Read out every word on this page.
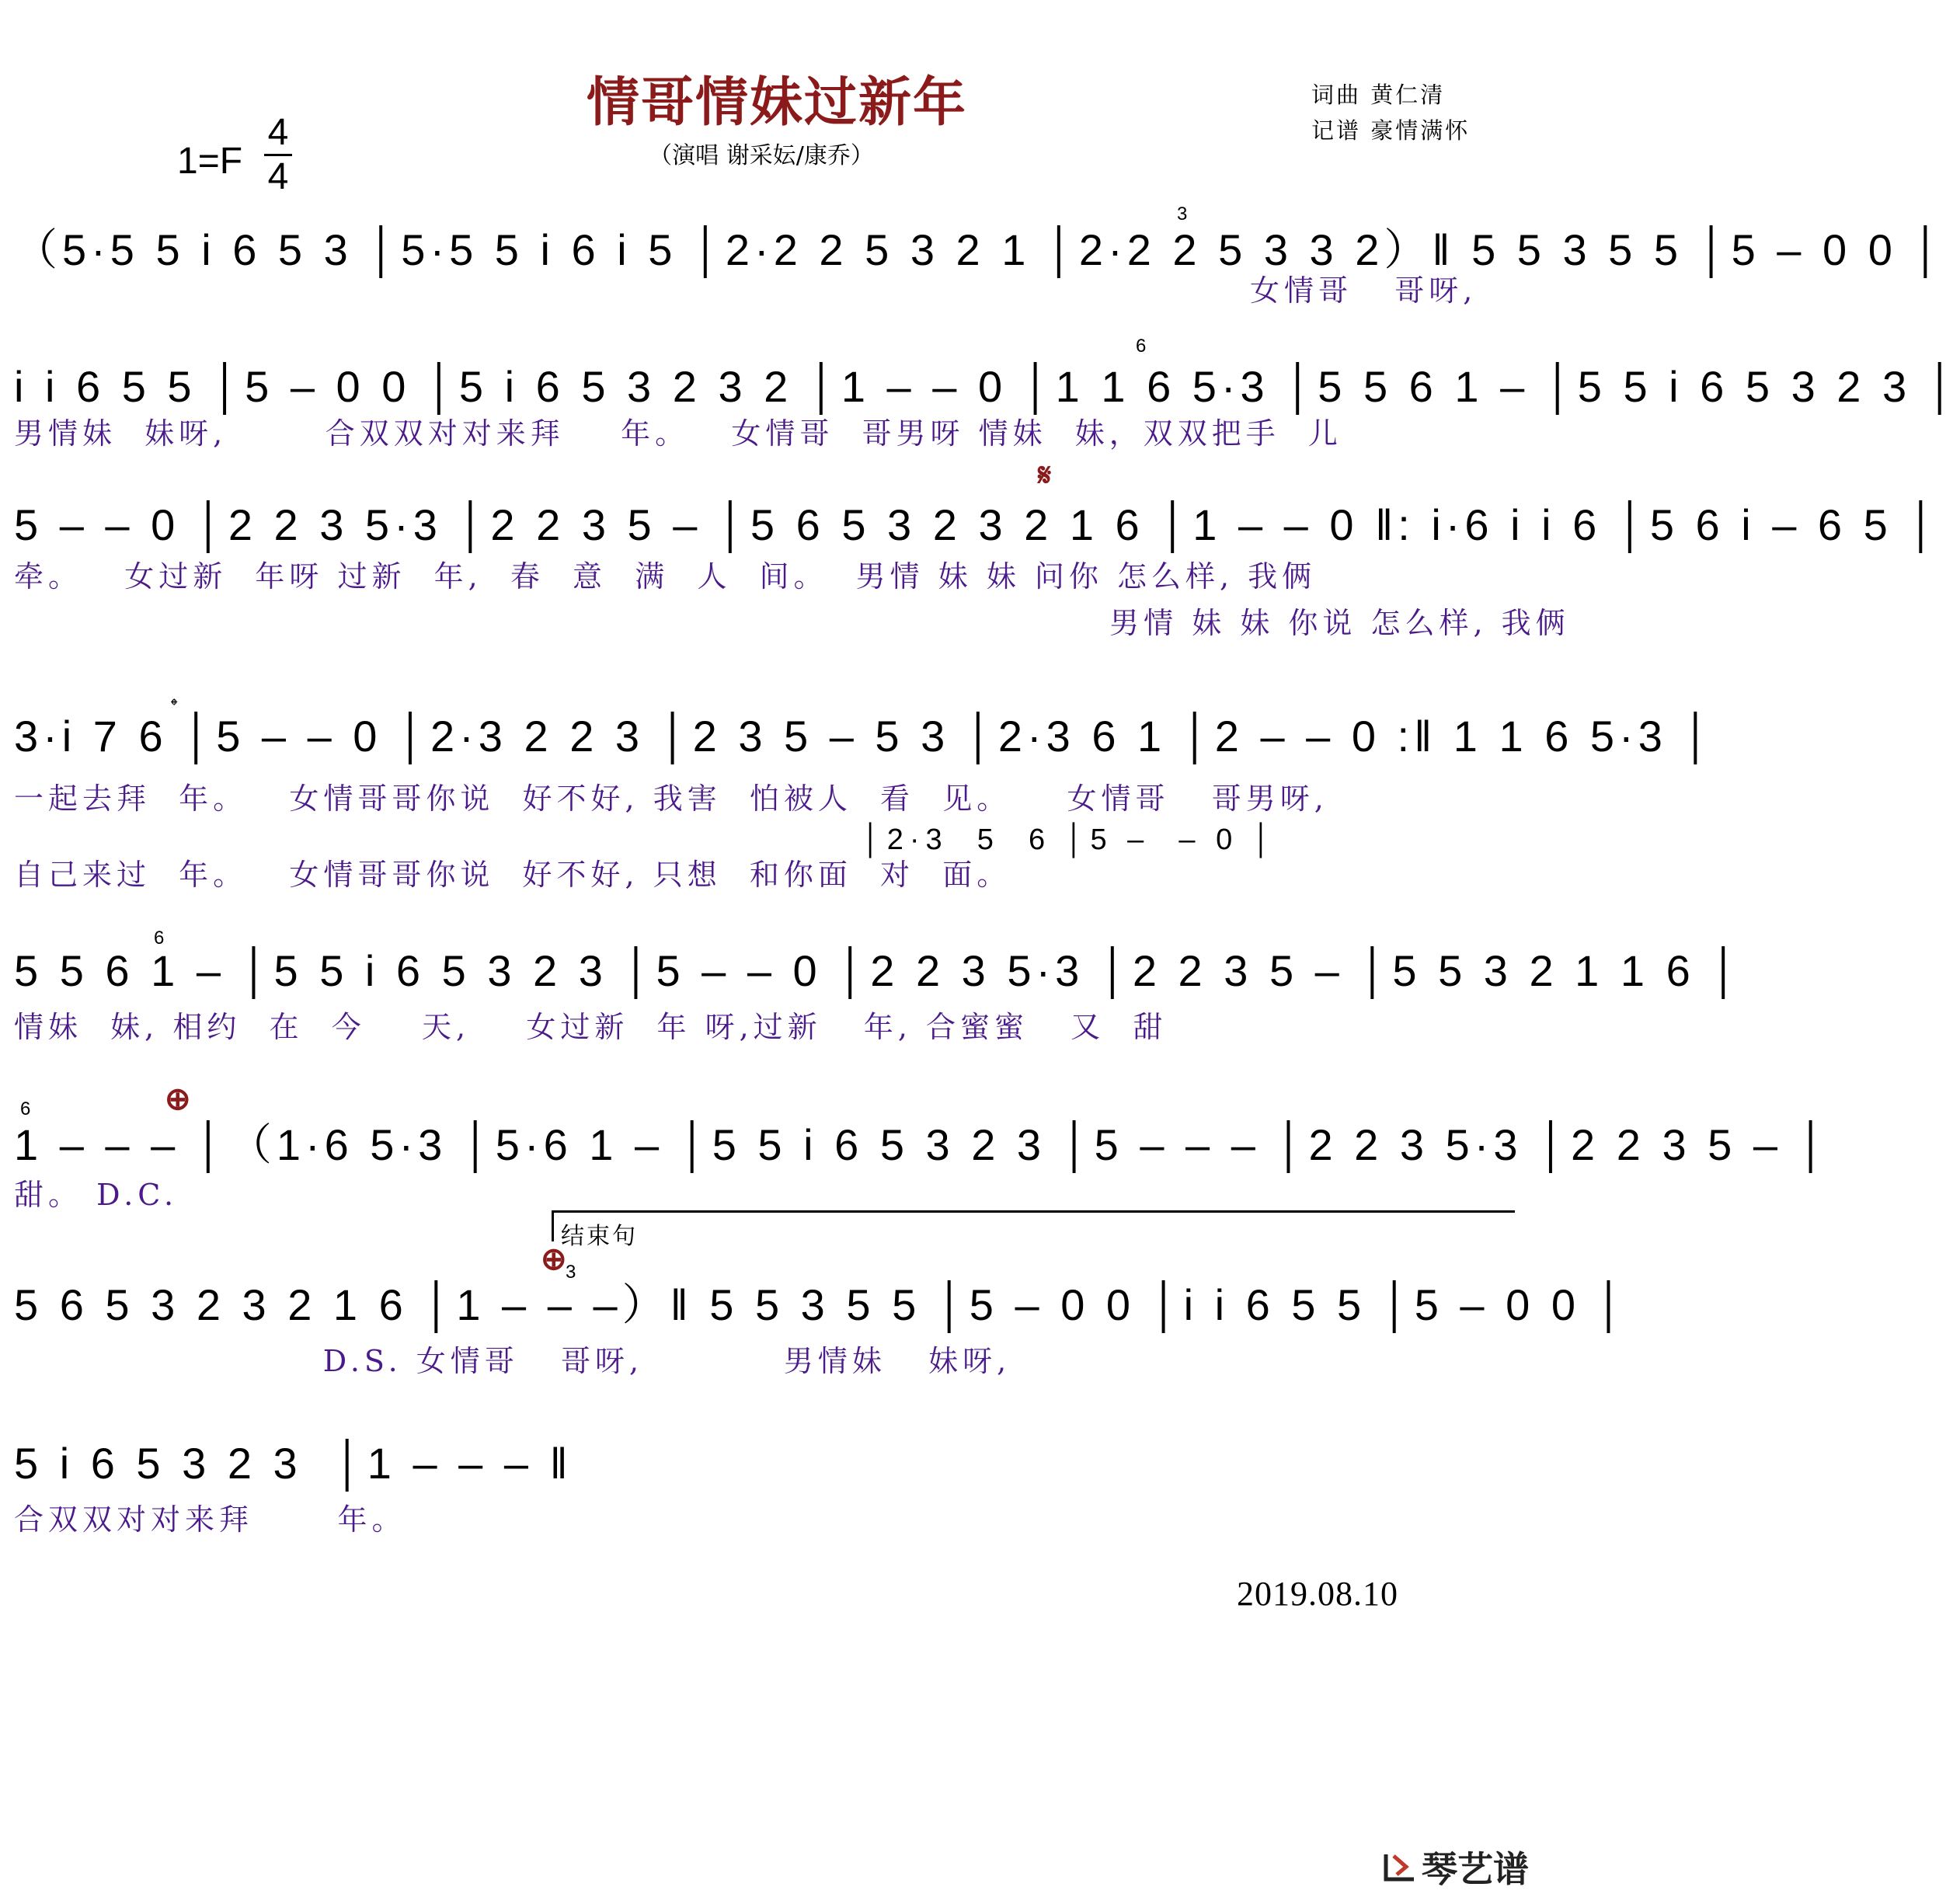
情哥情妹过新年
（演唱 谢采妘/康乔）
词曲 黄仁清
记谱 豪情满怀
1=F
4
4
（5·5 5 i 6 5 3 │5·5 5 i 6 i 5 │2·2 2 5 3 2 1 │2·2 2 5 3 3 2）‖ 5 5 3 5 5 │5 – 0 0 │
3
女情哥   哥呀,
i i 6 5 5 │5 – 0 0 │5 i 6 5 3 2 3 2 │1 – – 0 │1 1 6 5·3 │5 5 6 1 – │5 5 i 6 5 3 2 3 │
6
男情妹  妹呀,       合双双对对来拜    年。   女情哥  哥男呀 情妹  妹，双双把手  儿
5 – – 0 │2 2 3 5·3 │2 2 3 5 – │5 6 5 3 2 3 2 1 6 │1 – – 0 ‖: i·6 i i 6 │5 6 i – 6 5 │
𝄋
牵。   女过新  年呀 过新  年,  春  意  满  人  间。  男情 妹 妹 问你 怎么样, 我俩
男情 妹 妹 你说 怎么样, 我俩
3·i 7 6 │5 – – 0 │2·3 2 2 3 │2 3 5 – 5 3 │2·3 6 1 │2 – – 0 :‖ 1 1 6 5·3 │
𝄌
一起去拜  年。   女情哥哥你说  好不好, 我害  怕被人  看  见。    女情哥   哥男呀,
│2·3  5  6 │5 –  – 0 │
自己来过  年。   女情哥哥你说  好不好, 只想  和你面  对  面。
5 5 6 1 – │5 5 i 6 5 3 2 3 │5 – – 0 │2 2 3 5·3 │2 2 3 5 – │5 5 3 2 1 1 6 │
6
情妹  妹, 相约  在  今    天,    女过新  年 呀,过新   年, 合蜜蜜   又  甜
1 – – – │（1·6 5·3 │5·6 1 – │5 5 i 6 5 3 2 3 │5 – – – │2 2 3 5·3 │2 2 3 5 – │
6	⊕
甜。 D.C.
结束句
5 6 5 3 2 3 2 1 6 │1 – – –）‖ 5 5 3 5 5 │5 – 0 0 │i i 6 5 5 │5 – 0 0 │
⊕
3
D.S. 女情哥   哥呀,          男情妹   妹呀,
5 i 6 5 3 2 3  │1 – – – ‖
合双双对对来拜      年。
2019.08.10
琴艺谱
